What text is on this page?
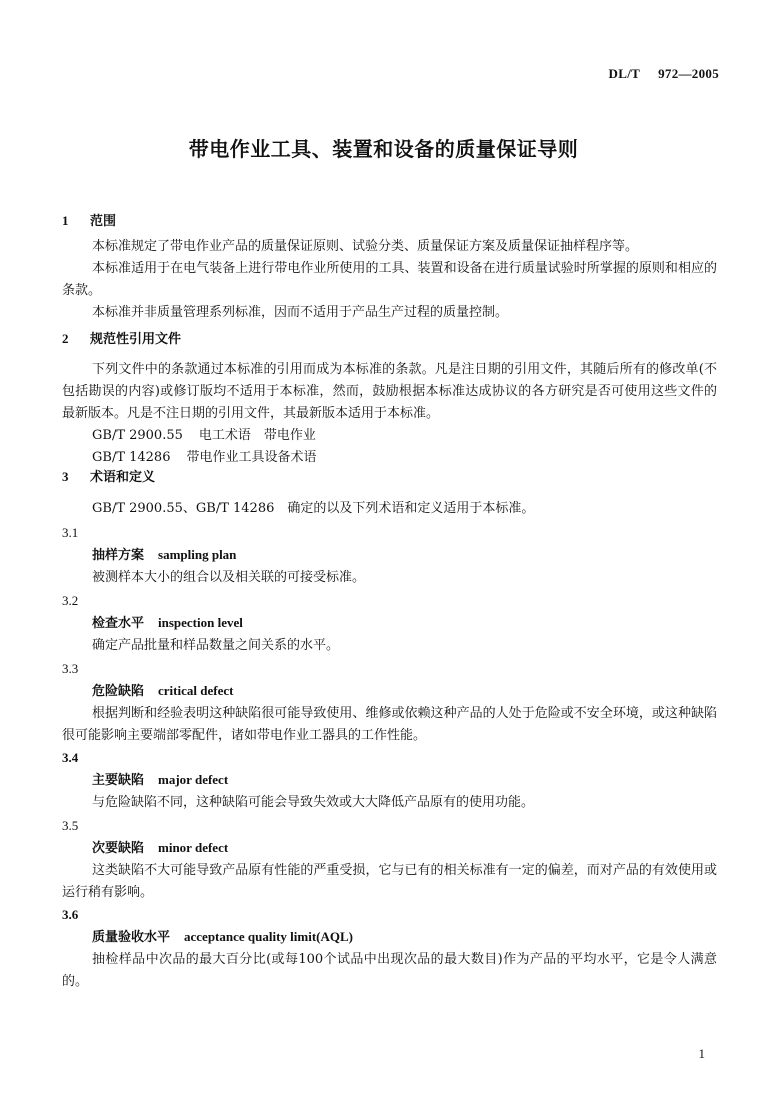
DL/T 972—2005
带电作业工具、装置和设备的质量保证导则
1 范围
本标准规定了带电作业产品的质量保证原则、试验分类、质量保证方案及质量保证抽样程序等。
本标准适用于在电气装备上进行带电作业所使用的工具、装置和设备在进行质量试验时所掌握的原则和相应的条款。
本标准并非质量管理系列标准，因而不适用于产品生产过程的质量控制。
2 规范性引用文件
下列文件中的条款通过本标准的引用而成为本标准的条款。凡是注日期的引用文件，其随后所有的修改单(不包括勘误的内容)或修订版均不适用于本标准，然而，鼓励根据本标准达成协议的各方研究是否可使用这些文件的最新版本。凡是不注日期的引用文件，其最新版本适用于本标准。
GB/T 2900.55 电工术语　带电作业
GB/T 14286 带电作业工具设备术语
3 术语和定义
GB/T 2900.55、GB/T 14286　确定的以及下列术语和定义适用于本标准。
3.1
抽样方案 sampling plan
被测样本大小的组合以及相关联的可接受标准。
3.2
检查水平 inspection level
确定产品批量和样品数量之间关系的水平。
3.3
危险缺陷 critical defect
根据判断和经验表明这种缺陷很可能导致使用、维修或依赖这种产品的人处于危险或不安全环境，或这种缺陷很可能影响主要端部零配件，诸如带电作业工器具的工作性能。
3.4
主要缺陷 major defect
与危险缺陷不同，这种缺陷可能会导致失效或大大降低产品原有的使用功能。
3.5
次要缺陷 minor defect
这类缺陷不大可能导致产品原有性能的严重受损，它与已有的相关标准有一定的偏差，而对产品的有效使用或运行稍有影响。
3.6
质量验收水平 acceptance quality limit(AQL)
抽检样品中次品的最大百分比(或每100个试品中出现次品的最大数目)作为产品的平均水平，它是令人满意的。
1
